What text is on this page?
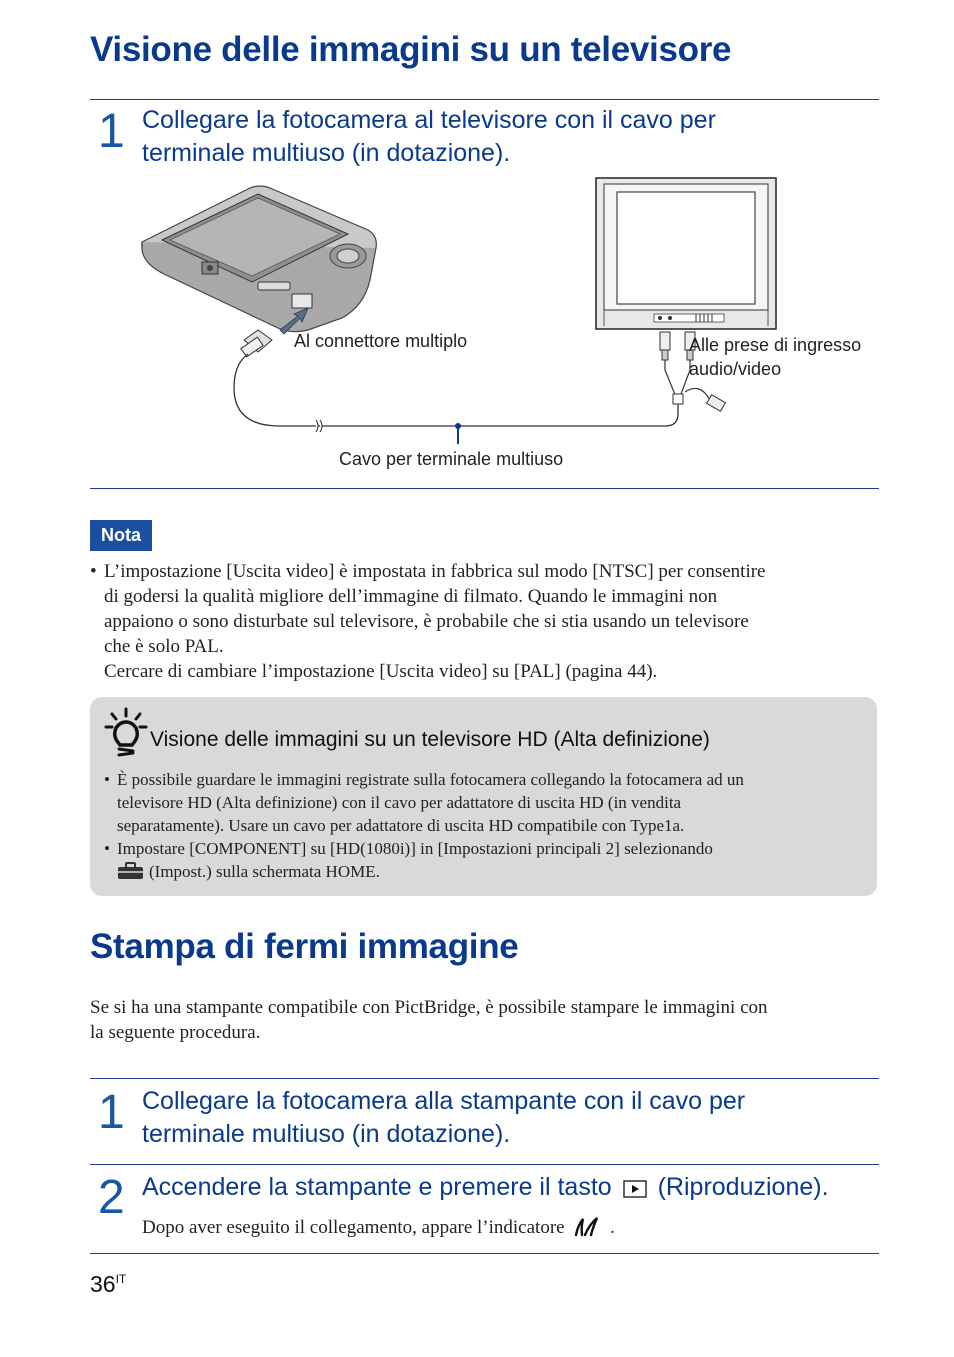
Visione delle immagini su un televisore
1 Collegare la fotocamera al televisore con il cavo per
terminale multiuso (in dotazione).
Al connettore multiplo	Alle prese di ingresso
audio/video
Cavo per terminale multiuso
Nota
• L’impostazione [Uscita video] è impostata in fabbrica sul modo [NTSC] per consentire
di godersi la qualità migliore dell’immagine di filmato. Quando le immagini non
appaiono o sono disturbate sul televisore, è probabile che si stia usando un televisore
che è solo PAL.
Cercare di cambiare l’impostazione [Uscita video] su [PAL] (pagina 44).
Visione delle immagini su un televisore HD (Alta definizione)
• È possibile guardare le immagini registrate sulla fotocamera collegando la fotocamera ad un
televisore HD (Alta definizione) con il cavo per adattatore di uscita HD (in vendita
separatamente). Usare un cavo per adattatore di uscita HD compatibile con Type1a.
• Impostare [COMPONENT] su [HD(1080i)] in [Impostazioni principali 2] selezionando
(Impost.) sulla schermata HOME.
Stampa di fermi immagine
Se si ha una stampante compatibile con PictBridge, è possibile stampare le immagini con
la seguente procedura.
1 Collegare la fotocamera alla stampante con il cavo per
terminale multiuso (in dotazione).
2 Accendere la stampante e premere il tasto (Riproduzione).
Dopo aver eseguito il collegamento, appare l’indicatore .
$36^{IT}$
